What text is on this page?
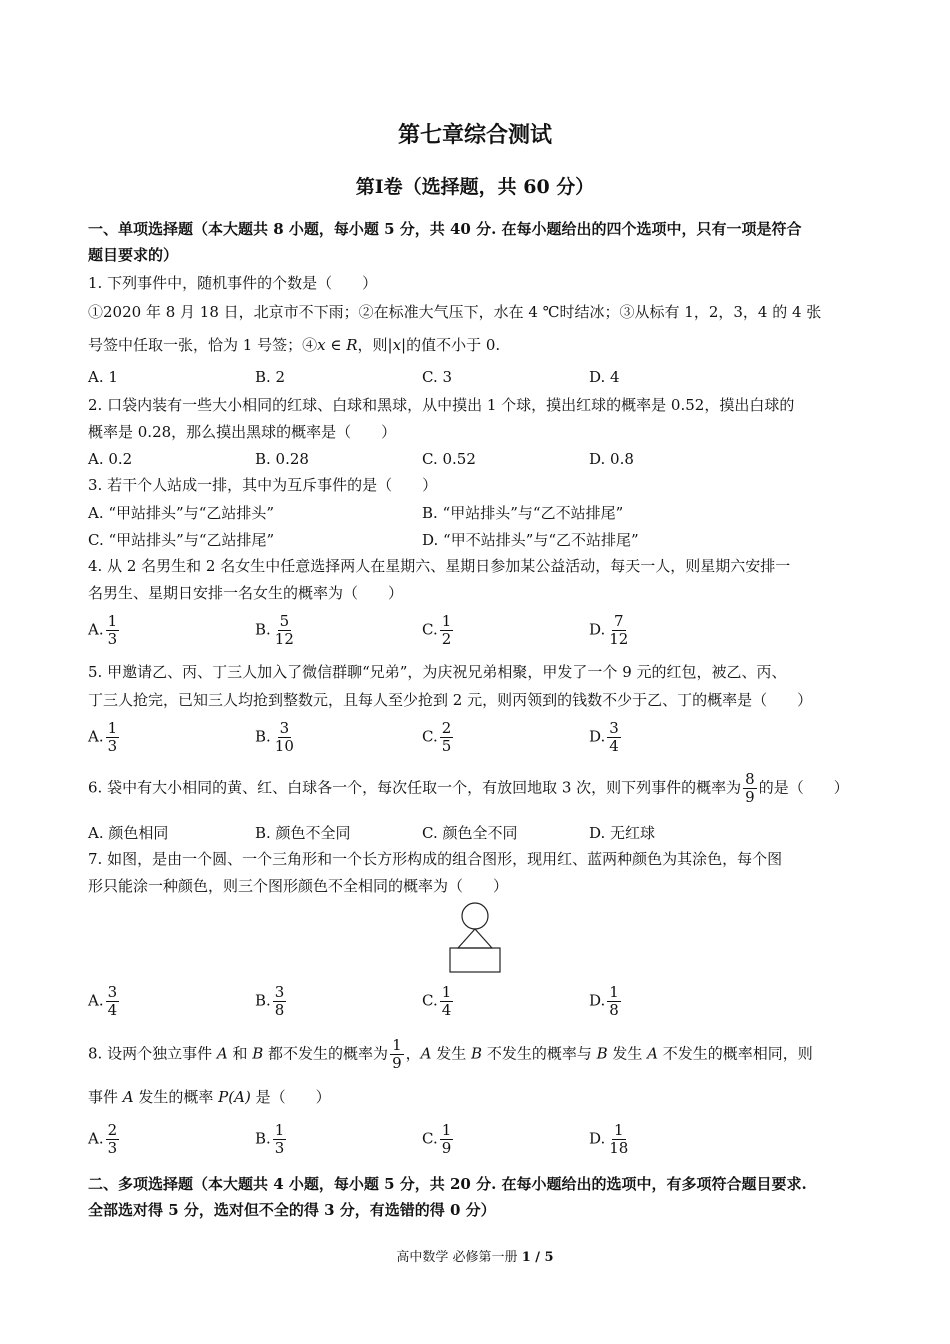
第七章综合测试
第Ⅰ卷（选择题，共 60 分）
一、单项选择题（本大题共 8 小题，每小题 5 分，共 40 分. 在每小题给出的四个选项中，只有一项是符合
题目要求的）
1. 下列事件中，随机事件的个数是（　　）
①2020 年 8 月 18 日，北京市不下雨；②在标准大气压下，水在 4 ℃时结冰；③从标有 1，2，3，4 的 4 张
号签中任取一张，恰为 1 号签；④x ∈ R，则|x|的值不小于 0.
A. 1	B. 2	C. 3	D. 4
2. 口袋内装有一些大小相同的红球、白球和黑球，从中摸出 1 个球，摸出红球的概率是 0.52，摸出白球的
概率是 0.28，那么摸出黑球的概率是（　　）
A. 0.2	B. 0.28	C. 0.52	D. 0.8
3. 若干个人站成一排，其中为互斥事件的是（　　）
A. “甲站排头”与“乙站排头”	B. “甲站排头”与“乙不站排尾”
C. “甲站排头”与“乙站排尾”	D. “甲不站排头”与“乙不站排尾”
4. 从 2 名男生和 2 名女生中任意选择两人在星期六、星期日参加某公益活动，每天一人，则星期六安排一
名男生、星期日安排一名女生的概率为（　　）
A. $\frac{1}{3}$	B. $\frac{5}{12}$	C. $\frac{1}{2}$	D. $\frac{7}{12}$
5. 甲邀请乙、丙、丁三人加入了微信群聊“兄弟”，为庆祝兄弟相聚，甲发了一个 9 元的红包，被乙、丙、
丁三人抢完，已知三人均抢到整数元，且每人至少抢到 2 元，则丙领到的钱数不少于乙、丁的概率是（　　）
A. $\frac{1}{3}$	B. $\frac{3}{10}$	C. $\frac{2}{5}$	D. $\frac{3}{4}$
6. 袋中有大小相同的黄、红、白球各一个，每次任取一个，有放回地取 3 次，则下列事件的概率为 $\frac{8}{9}$ 的是（　　）
A. 颜色相同	B. 颜色不全同	C. 颜色全不同	D. 无红球
7. 如图，是由一个圆、一个三角形和一个长方形构成的组合图形，现用红、蓝两种颜色为其涂色，每个图
形只能涂一种颜色，则三个图形颜色不全相同的概率为（　　）
A. $\frac{3}{4}$	B. $\frac{3}{8}$	C. $\frac{1}{4}$	D. $\frac{1}{8}$
8. 设两个独立事件 A 和 B 都不发生的概率为 $\frac{1}{9}$ ，A 发生 B 不发生的概率与 B 发生 A 不发生的概率相同，则
事件 A 发生的概率 P(A) 是（　　）
A. $\frac{2}{3}$	B. $\frac{1}{3}$	C. $\frac{1}{9}$	D. $\frac{1}{18}$
二、多项选择题（本大题共 4 小题，每小题 5 分，共 20 分. 在每小题给出的选项中，有多项符合题目要求.
全部选对得 5 分，选对但不全的得 3 分，有选错的得 0 分）
高中数学 必修第一册 1 / 5
